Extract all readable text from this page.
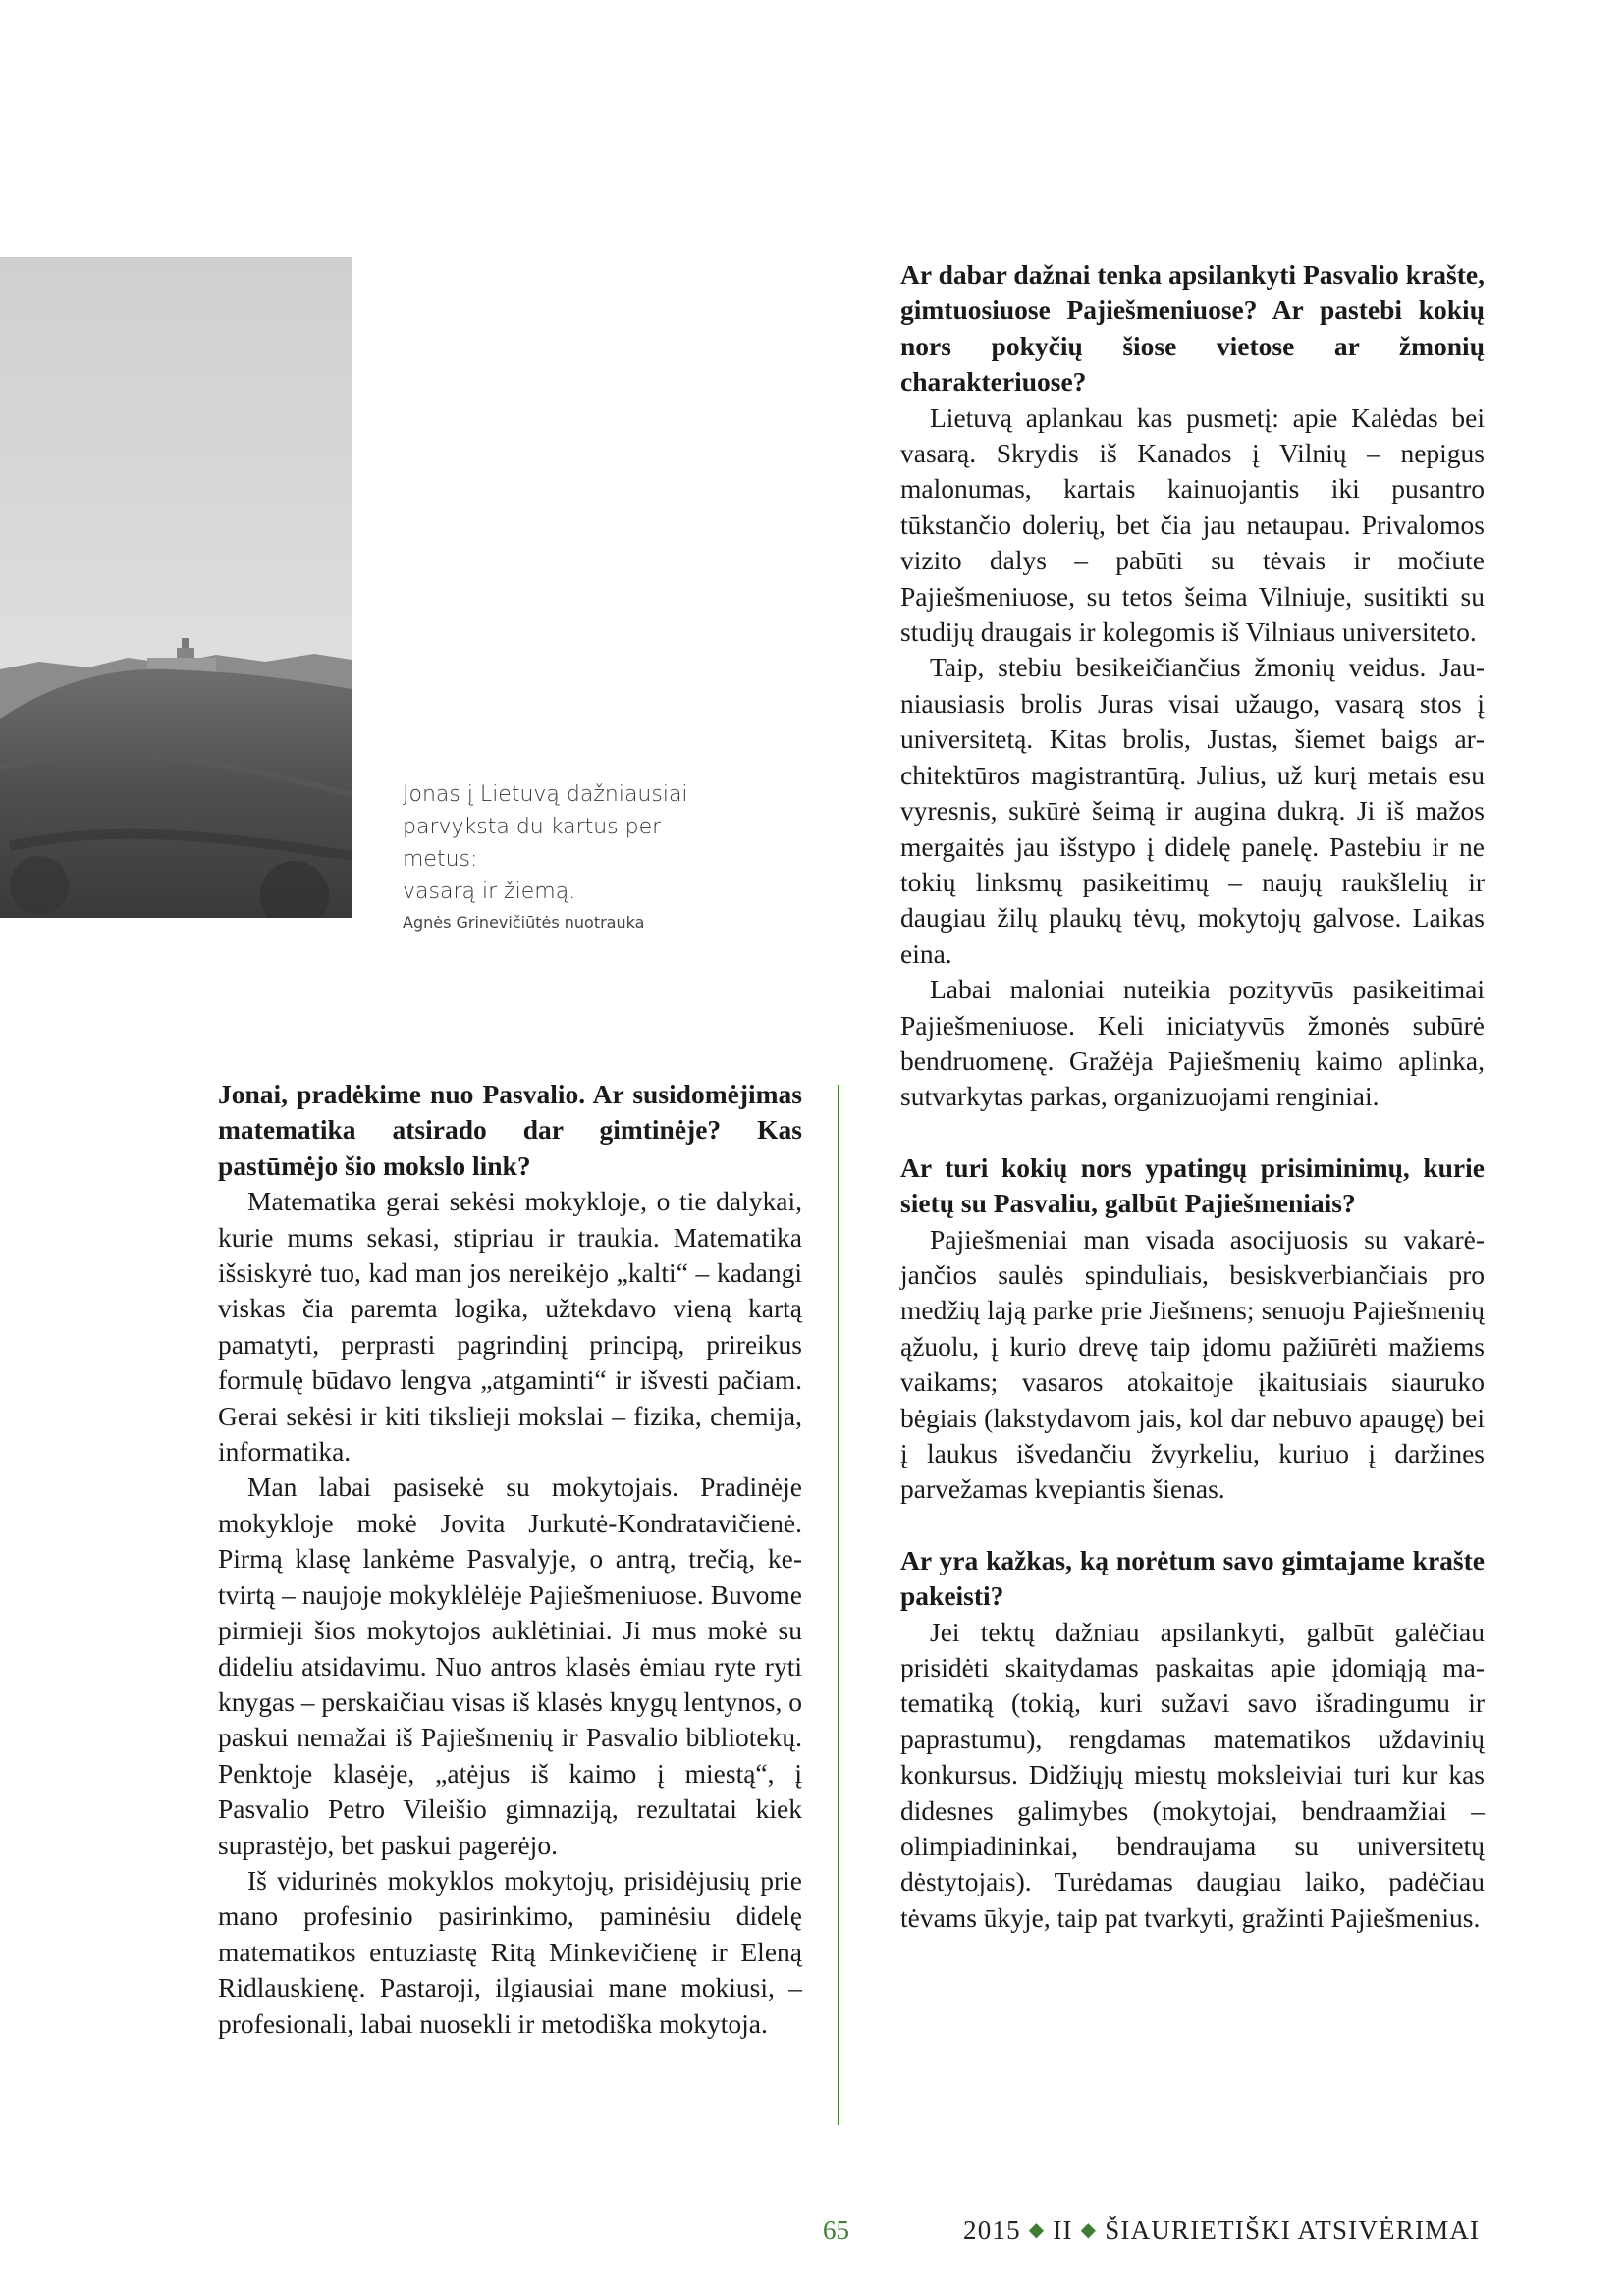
Jonas į Lietuvą dažniausiai
parvyksta du kartus per metus:
vasarą ir žiemą.
Agnės Grinevičiūtės nuotrauka

Jonai, pradėkime nuo Pasvalio. Ar susidomėjimas matematika atsirado dar gimtinėje? Kas pastūmėjo šio mokslo link?

Matematika gerai sekėsi mokykloje, o tie dalykai, kurie mums sekasi, stipriau ir traukia. Matematika išsiskyrė tuo, kad man jos nereikėjo „kalti“ – kadangi viskas čia paremta logika, užtekdavo vieną kartą pamatyti, perprasti pagrindinį principą, prireikus formulę būdavo lengva „atgaminti“ ir išvesti pačiam. Gerai sekėsi ir kiti tikslieji mokslai – fizika, chemija, informatika.

Man labai pasisekė su mokytojais. Pradinėje mokykloje mokė Jovita Jurkutė-Kondratavičienė. Pirmą klasę lankėme Pasvalyje, o antrą, trečią, ketvirtą – naujoje mokyklėlėje Pajiešmeniuose. Buvome pirmieji šios mokytojos auklėtiniai. Ji mus mokė su dideliu atsidavimu. Nuo antros klasės ėmiau ryte ryti knygas – perskaičiau visas iš klasės knygų lentynos, o paskui nemažai iš Pajiešmenių ir Pasvalio bibliotekų. Penktoje klasėje, „atėjus iš kaimo į miestą“, į Pasvalio Petro Vileišio gimnaziją, rezultatai kiek suprastėjo, bet paskui pagerėjo.

Iš vidurinės mokyklos mokytojų, prisidėjusių prie mano profesinio pasirinkimo, paminėsiu didelę matematikos entuziastę Ritą Minkevičienę ir Eleną Ridlauskienę. Pastaroji, ilgiausiai mane mokiusi, – profesionali, labai nuosekli ir metodiška mokytoja.

Ar dabar dažnai tenka apsilankyti Pasvalio krašte, gimtuosiuose Pajiešmeniuose? Ar pastebi kokių nors pokyčių šiose vietose ar žmonių charakteriuose?

Lietuvą aplankau kas pusmetį: apie Kalėdas bei vasarą. Skrydis iš Kanados į Vilnių – nepigus malonumas, kartais kainuojantis iki pusantro tūkstančio dolerių, bet čia jau netaupau. Privalomos vizito dalys – pabūti su tėvais ir močiute Pajiešmeniuose, su tetos šeima Vilniuje, susitikti su studijų draugais ir kolegomis iš Vilniaus universiteto.

Taip, stebiu besikeičiančius žmonių veidus. Jauniausiasis brolis Juras visai užaugo, vasarą stos į universitetą. Kitas brolis, Justas, šiemet baigs architektūros magistrantūrą. Julius, už kurį metais esu vyresnis, sukūrė šeimą ir augina dukrą. Ji iš mažos mergaitės jau išstypo į didelę panelę. Pastebiu ir ne tokių linksmų pasikeitimų – naujų raukšlelių ir daugiau žilų plaukų tėvų, mokytojų galvose. Laikas eina.

Labai maloniai nuteikia pozityvūs pasikeitimai Pajiešmeniuose. Keli iniciatyvūs žmonės subūrė bendruomenę. Gražėja Pajiešmenių kaimo aplinka, sutvarkytas parkas, organizuojami renginiai.

Ar turi kokių nors ypatingų prisiminimų, kurie sietų su Pasvaliu, galbūt Pajiešmeniais?

Pajiešmeniai man visada asocijuosis su vakarėjančios saulės spinduliais, besiskverbiančiais pro medžių lają parke prie Jiešmens; senuoju Pajiešmenių ąžuolu, į kurio drevę taip įdomu pažiūrėti mažiems vaikams; vasaros atokaitoje įkaitusiais siauruko bėgiais (lakstydavom jais, kol dar nebuvo apaugę) bei į laukus išvedančiu žvyrkeliu, kuriuo į daržines parvežamas kvepiantis šienas.

Ar yra kažkas, ką norėtum savo gimtajame krašte pakeisti?

Jei tektų dažniau apsilankyti, galbūt galėčiau prisidėti skaitydamas paskaitas apie įdomiąją matematiką (tokią, kuri sužavi savo išradingumu ir paprastumu), rengdamas matematikos uždavinių konkursus. Didžiųjų miestų moksleiviai turi kur kas didesnes galimybes (mokytojai, bendraamžiai – olimpiadininkai, bendraujama su universitetų dėstytojais). Turėdamas daugiau laiko, padėčiau tėvams ūkyje, taip pat tvarkyti, gražinti Pajiešmenius.

65	2015 ◆ II ◆ ŠIAURIETIŠKI ATSIVĖRIMAI
